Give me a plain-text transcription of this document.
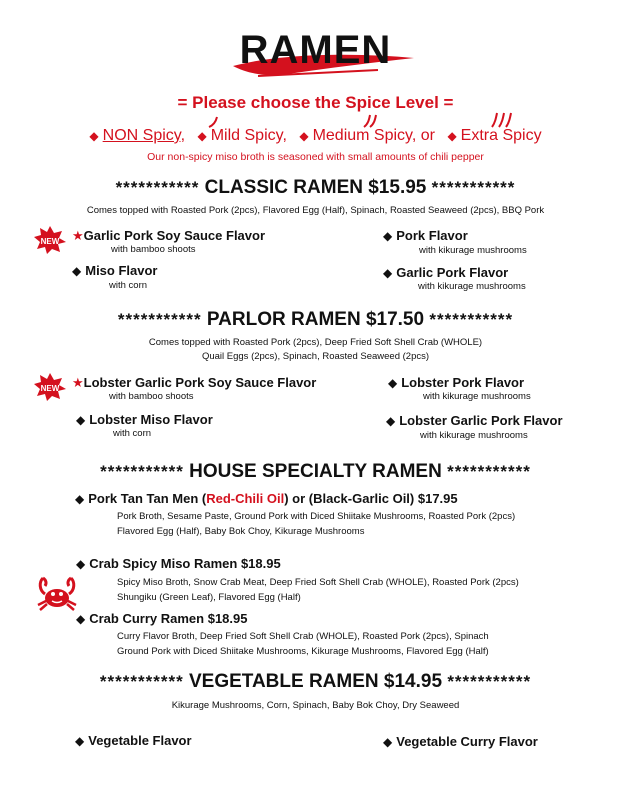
RAMEN
= Please choose the Spice Level =
◆ NON Spicy, ◆ Mild Spicy, ◆ Medium Spicy, or ◆ Extra Spicy
Our non-spicy miso broth is seasoned with small amounts of chili pepper
*********** CLASSIC RAMEN $15.95 ***********
Comes topped with Roasted Pork (2pcs), Flavored Egg (Half), Spinach, Roasted Seaweed (2pcs), BBQ Pork
NEW ★Garlic Pork Soy Sauce Flavor
with bamboo shoots
◆ Pork Flavor
with kikurage mushrooms
◆ Miso Flavor
with corn
◆ Garlic Pork Flavor
with kikurage mushrooms
*********** PARLOR RAMEN $17.50 ***********
Comes topped with Roasted Pork (2pcs), Deep Fried Soft Shell Crab (WHOLE)
Quail Eggs (2pcs), Spinach, Roasted Seaweed (2pcs)
NEW ★Lobster Garlic Pork Soy Sauce Flavor
with bamboo shoots
◆ Lobster Pork Flavor
with kikurage mushrooms
◆ Lobster Miso Flavor
with corn
◆ Lobster Garlic Pork Flavor
with kikurage mushrooms
*********** HOUSE SPECIALTY RAMEN ***********
◆ Pork Tan Tan Men (Red-Chili Oil) or (Black-Garlic Oil) $17.95
Pork Broth, Sesame Paste, Ground Pork with Diced Shiitake Mushrooms, Roasted Pork (2pcs)
Flavored Egg (Half), Baby Bok Choy, Kikurage Mushrooms
◆ Crab Spicy Miso Ramen $18.95
Spicy Miso Broth, Snow Crab Meat, Deep Fried Soft Shell Crab (WHOLE), Roasted Pork (2pcs)
Shungiku (Green Leaf), Flavored Egg (Half)
◆ Crab Curry Ramen $18.95
Curry Flavor Broth, Deep Fried Soft Shell Crab (WHOLE), Roasted Pork (2pcs), Spinach
Ground Pork with Diced Shiitake Mushrooms, Kikurage Mushrooms, Flavored Egg (Half)
*********** VEGETABLE RAMEN $14.95 ***********
Kikurage Mushrooms, Corn, Spinach, Baby Bok Choy, Dry Seaweed
◆ Vegetable Flavor	◆ Vegetable Curry Flavor
